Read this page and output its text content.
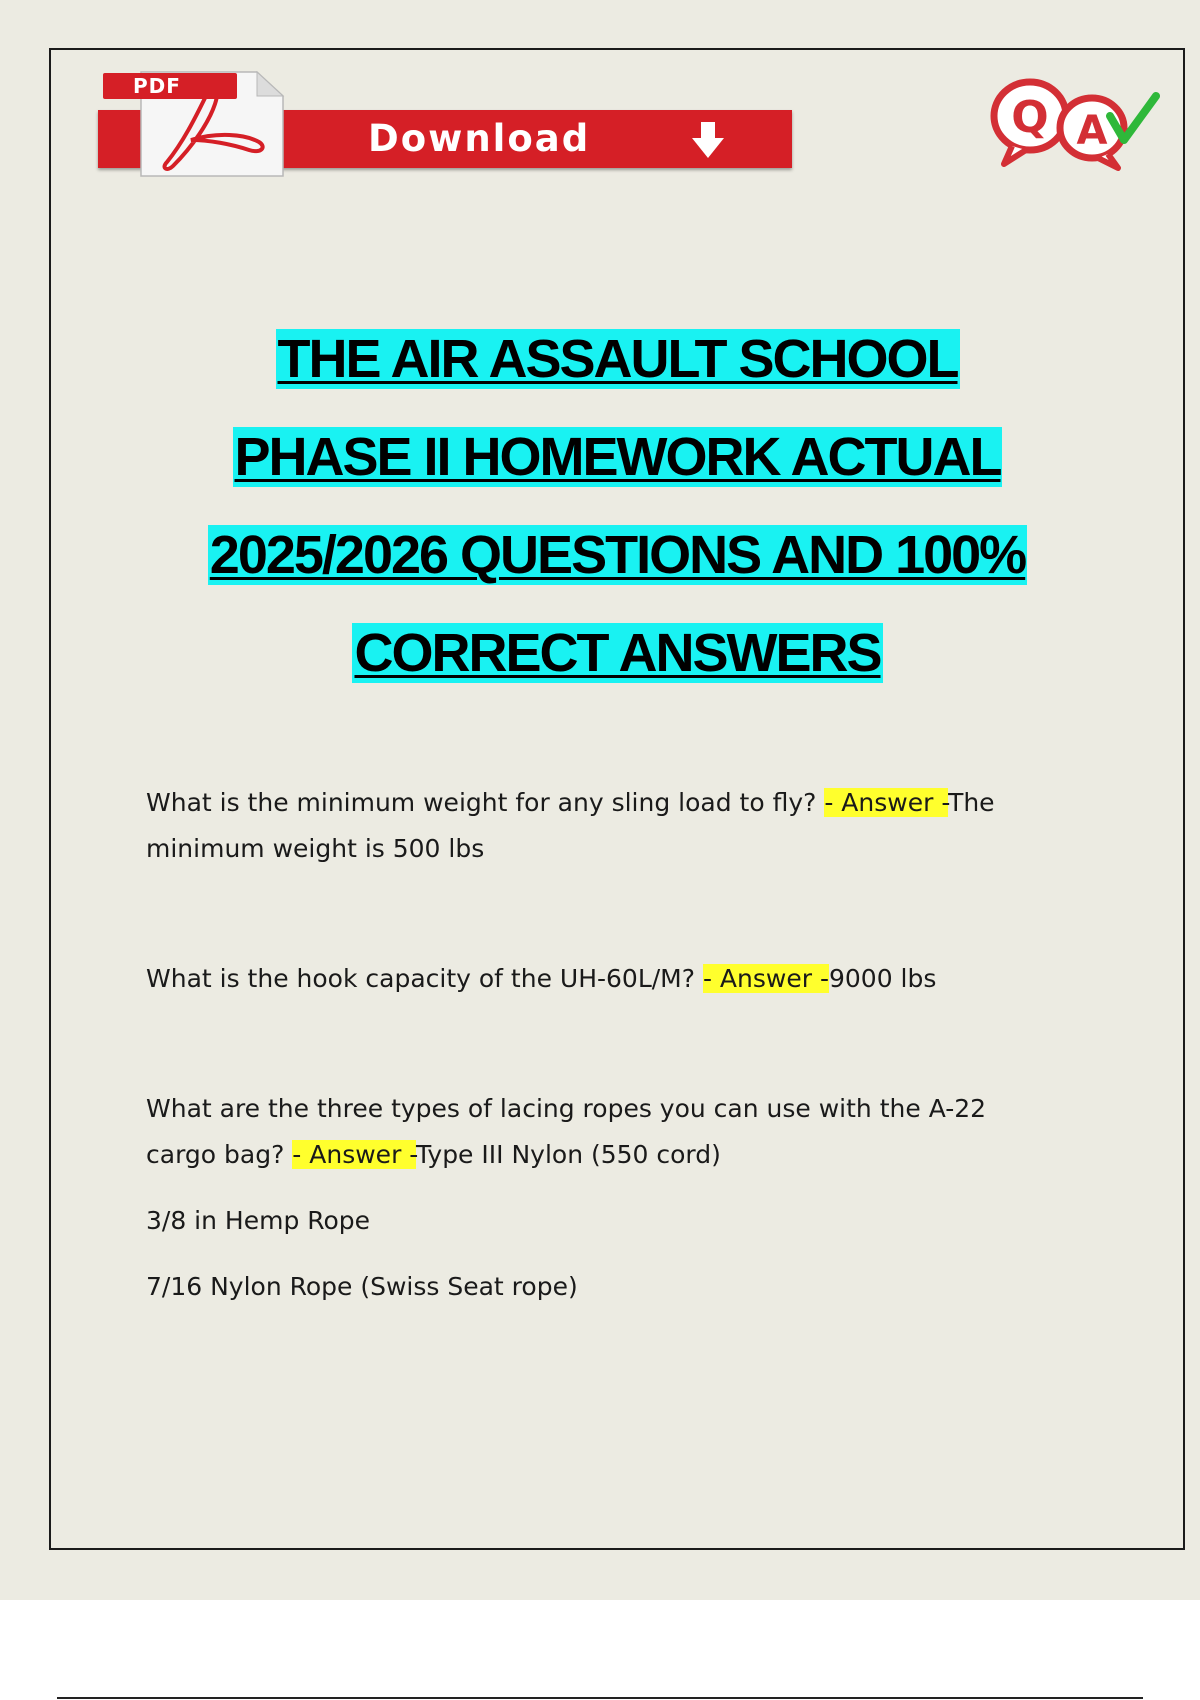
Download
PDF
Q A
THE AIR ASSAULT SCHOOL
PHASE II HOMEWORK ACTUAL
2025/2026 QUESTIONS AND 100%
CORRECT ANSWERS

What is the minimum weight for any sling load to fly? - Answer -The minimum weight is 500 lbs

What is the hook capacity of the UH-60L/M? - Answer -9000 lbs

What are the three types of lacing ropes you can use with the A-22 cargo bag? - Answer -Type III Nylon (550 cord)

3/8 in Hemp Rope

7/16 Nylon Rope (Swiss Seat rope)
